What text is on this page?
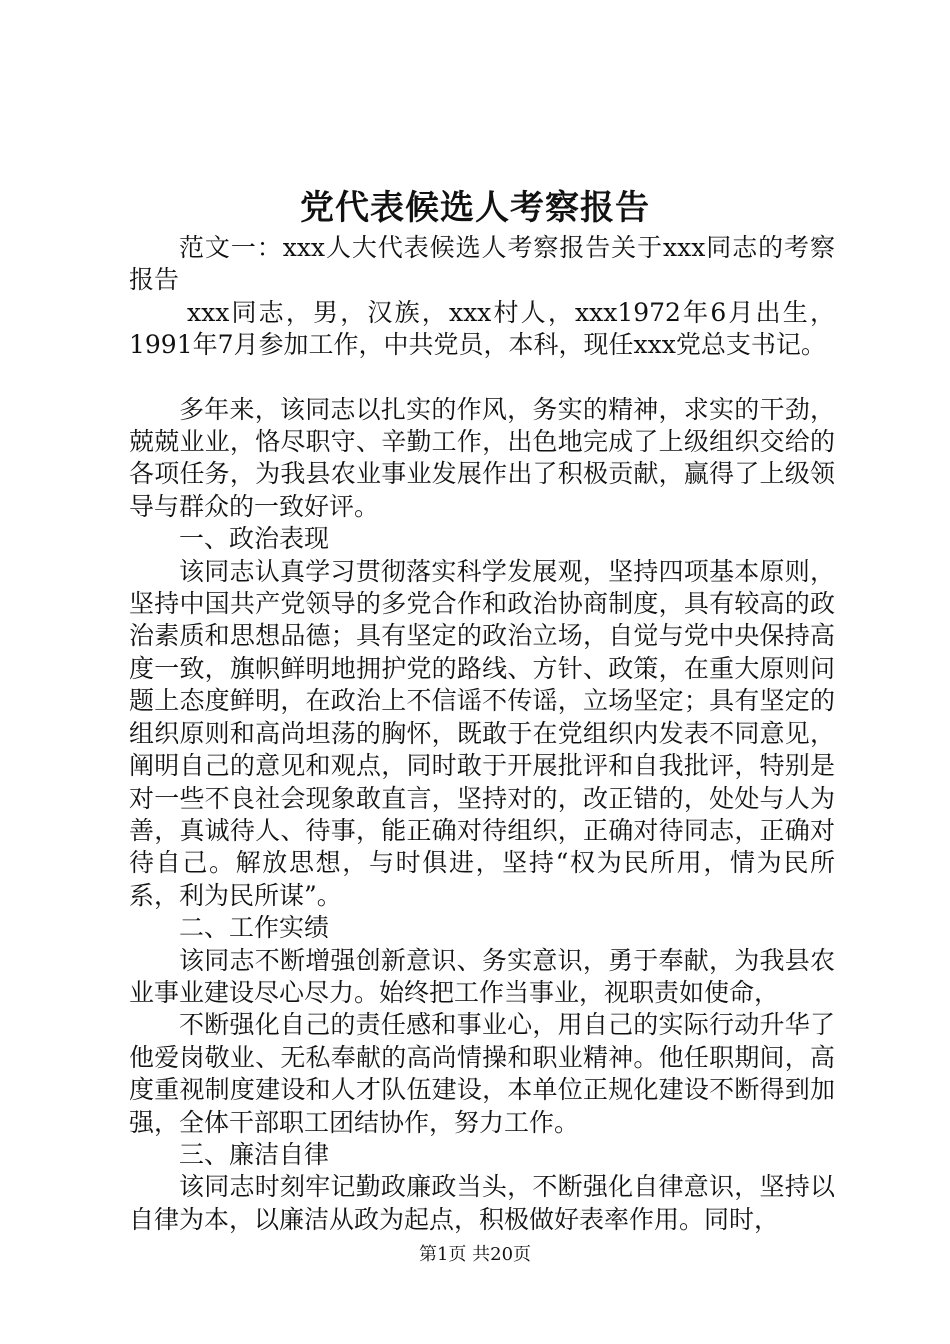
党代表候选人考察报告

范文一：xxx人大代表候选人考察报告关于xxx同志的考察报告

xxx同志，男，汉族，xxx村人，xxx1972年6月出生，1991年7月参加工作，中共党员，本科，现任xxx党总支书记。

多年来，该同志以扎实的作风，务实的精神，求实的干劲，兢兢业业，恪尽职守、辛勤工作，出色地完成了上级组织交给的各项任务，为我县农业事业发展作出了积极贡献，赢得了上级领导与群众的一致好评。

一、政治表现

该同志认真学习贯彻落实科学发展观，坚持四项基本原则，坚持中国共产党领导的多党合作和政治协商制度，具有较高的政治素质和思想品德；具有坚定的政治立场，自觉与党中央保持高度一致，旗帜鲜明地拥护党的路线、方针、政策，在重大原则问题上态度鲜明，在政治上不信谣不传谣，立场坚定；具有坚定的组织原则和高尚坦荡的胸怀，既敢于在党组织内发表不同意见，阐明自己的意见和观点，同时敢于开展批评和自我批评，特别是对一些不良社会现象敢直言，坚持对的，改正错的，处处与人为善，真诚待人、待事，能正确对待组织，正确对待同志，正确对待自己。解放思想，与时俱进，坚持“权为民所用，情为民所系，利为民所谋”。

二、工作实绩

该同志不断增强创新意识、务实意识，勇于奉献，为我县农业事业建设尽心尽力。始终把工作当事业，视职责如使命，

不断强化自己的责任感和事业心，用自己的实际行动升华了他爱岗敬业、无私奉献的高尚情操和职业精神。他任职期间，高度重视制度建设和人才队伍建设，本单位正规化建设不断得到加强，全体干部职工团结协作，努力工作。

三、廉洁自律

该同志时刻牢记勤政廉政当头，不断强化自律意识，坚持以自律为本，以廉洁从政为起点，积极做好表率作用。同时，

第1页 共20页
